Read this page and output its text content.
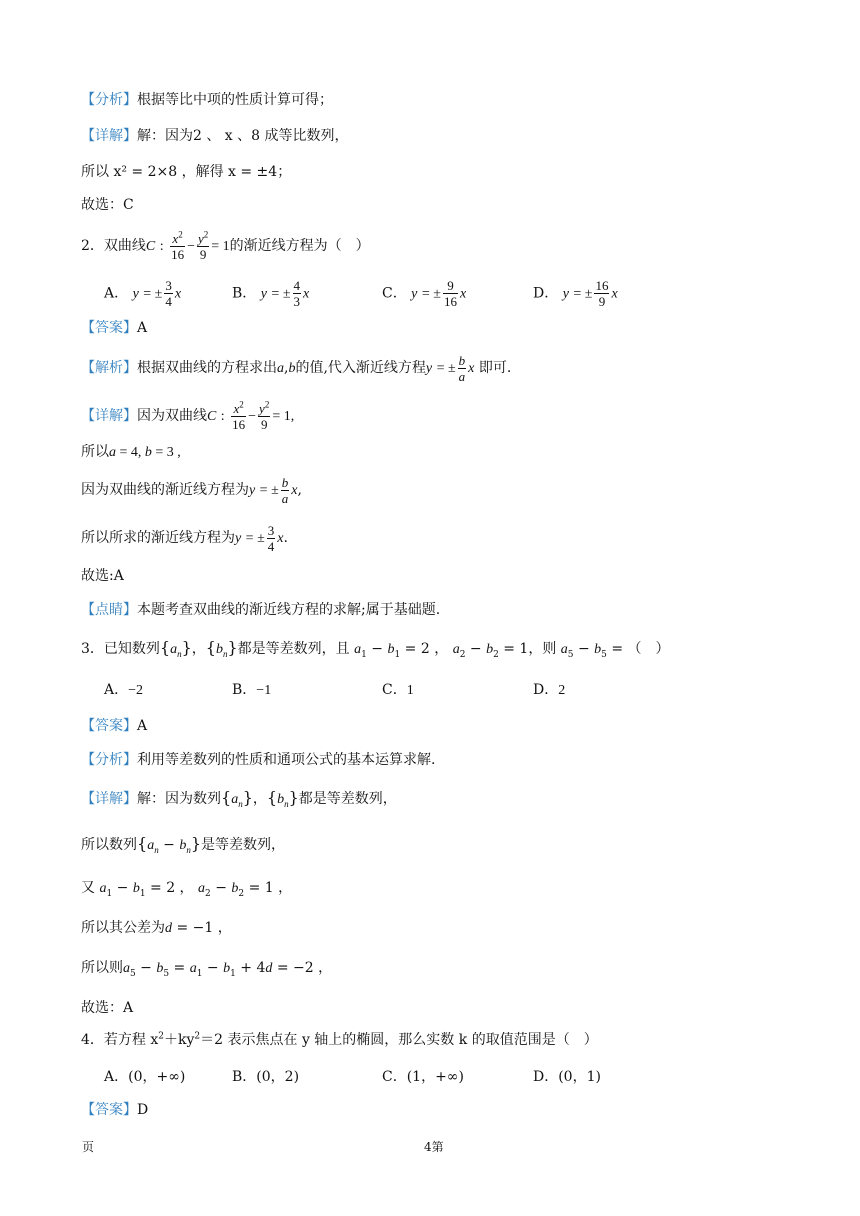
【分析】根据等比中项的性质计算可得；
【详解】解：因为2 、 x 、8 成等比数列，
所以 x² = 2×8 ，解得 x = ±4；
故选：C
2．双曲线C : $\frac{x^2}{16} - \frac{y^2}{9} = 1$的渐近线方程为（　）
A． y = ± $\frac{3}{4}$ x	B． y = ± $\frac{4}{3}$ x	C． y = ± $\frac{9}{16}$ x	D． y = ± $\frac{16}{9}$ x
【答案】A
【解析】根据双曲线的方程求出a,b的值,代入渐近线方程y = ± $\frac{b}{a}$ x 即可.
【详解】因为双曲线C : $\frac{x^2}{16} - \frac{y^2}{9} = 1$,
所以a = 4, b = 3 ,
因为双曲线的渐近线方程为y = ± $\frac{b}{a} x$,
所以所求的渐近线方程为y = ± $\frac{3}{4} x$.
故选:A
【点睛】本题考查双曲线的渐近线方程的求解;属于基础题.
3．已知数列$\{a_n\}$，$\{b_n\}$都是等差数列，且 $a_1 - b_1 = 2$ ， $a_2 - b_2 = 1$，则 $a_5 - b_5$ = （　）
A．−2	B．−1	C．1	D．2
【答案】A
【分析】利用等差数列的性质和通项公式的基本运算求解.
【详解】解：因为数列$\{a_n\}$，$\{b_n\}$都是等差数列，
所以数列$\{a_n - b_n\}$是等差数列，
又 $a_1 - b_1 = 2$ ， $a_2 - b_2 = 1$ ，
所以其公差为d = −1 ，
所以则$a_5 - b_5 = a_1 - b_1 + 4d = -2$ ，
故选：A
4．若方程 $x^2+ky^2=2$ 表示焦点在 y 轴上的椭圆，那么实数 k 的取值范围是（　）
A．(0，+∞)	B．(0，2)	C．(1，+∞)	D．(0，1)
【答案】D
页	4第
